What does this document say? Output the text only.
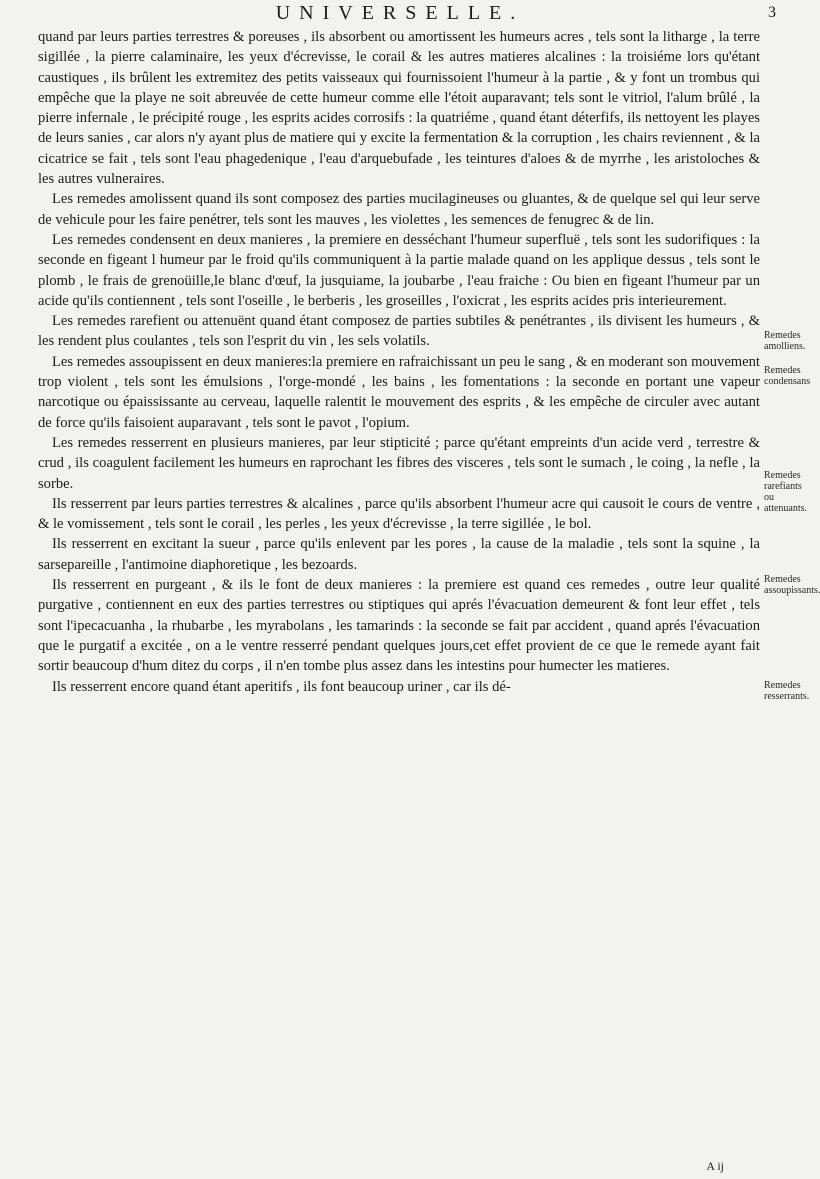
UNIVERSELLE.	3

quand par leurs parties terrestres & poreuses , ils absorbent ou amortissent les humeurs acres , tels sont la litharge , la terre sigillée , la pierre calaminaire, les yeux d'écrevisse, le corail & les autres matieres alcalines : la troisiéme lors qu'étant caustiques , ils brûlent les extremitez des petits vaisseaux qui fournissoient l'humeur à la partie , & y font un trombus qui empêche que la playe ne soit abreuvée de cette humeur comme elle l'étoit auparavant; tels sont le vitriol, l'alum brûlé , la pierre infernale , le précipité rouge , les esprits acides corrosifs : la quatriéme , quand étant déterfifs, ils nettoyent les playes de leurs sanies , car alors n'y ayant plus de matiere qui y excite la fermentation & la corruption , les chairs reviennent , & la cicatrice se fait , tels sont l'eau phagedenique , l'eau d'arquebufade , les teintures d'aloes & de myrrhe , les aristoloches & les autres vulneraires.

Les remedes amolissent quand ils sont composez des parties mucilagineuses ou gluantes, & de quelque sel qui leur serve de vehicule pour les faire penétrer, tels sont les mauves , les violettes , les semences de fenugrec & de lin.

Les remedes condensent en deux manieres , la premiere en desséchant l'humeur superfluë , tels sont les sudorifiques : la seconde en figeant l humeur par le froid qu'ils communiquent à la partie malade quand on les applique dessus , tels sont le plomb , le frais de grenoüille,le blanc d'œuf, la jusquiame, la joubarbe , l'eau fraiche : Ou bien en figeant l'humeur par un acide qu'ils contiennent , tels sont l'oseille , le berberis , les groseilles , l'oxicrat , les esprits acides pris interieurement.

Les remedes rarefient ou attenuënt quand étant composez de parties subtiles & penétrantes , ils divisent les humeurs , & les rendent plus coulantes , tels son l'esprit du vin , les sels volatils.

Les remedes assoupissent en deux manieres:la premiere en rafraichissant un peu le sang , & en moderant son mouvement trop violent , tels sont les émulsions , l'orge-mondé , les bains , les fomentations : la seconde en portant une vapeur narcotique ou épaississante au cerveau, laquelle ralentit le mouvement des esprits , & les empêche de circuler avec autant de force qu'ils faisoient auparavant , tels sont le pavot , l'opium.

Les remedes resserrent en plusieurs manieres, par leur stipticité ; parce qu'étant empreints d'un acide verd , terrestre & crud , ils coagulent facilement les humeurs en raprochant les fibres des visceres , tels sont le sumach , le coing , la nefle , la sorbe.

Ils resserrent par leurs parties terrestres & alcalines , parce qu'ils absorbent l'humeur acre qui causoit le cours de ventre , & le vomissement , tels sont le corail , les perles , les yeux d'écrevisse , la terre sigillée , le bol.

Ils resserrent en excitant la sueur , parce qu'ils enlevent par les pores , la cause de la maladie , tels sont la squine , la sarsepareille , l'antimoine diaphoretique , les bezoards.

Ils resserrent en purgeant , & ils le font de deux manieres : la premiere est quand ces remedes , outre leur qualité purgative , contiennent en eux des parties terrestres ou stiptiques qui aprés l'évacuation demeurent & font leur effet , tels sont l'ipecacuanha , la rhubarbe , les myrabolans , les tamarinds : la seconde se fait par accident , quand aprés l'évacuation que le purgatif a excitée , on a le ventre resserré pendant quelques jours,cet effet provient de ce que le remede ayant fait sortir beaucoup d'hum ditez du corps , il n'en tombe plus assez dans les intestins pour humecter les matieres.

Ils resserrent encore quand étant aperitifs , ils font beaucoup uriner , car ils dé-

Remedes amolliens.
Remedes condensans
Remedes rarefiants ou attenuants.
Remedes assoupissants.
Remedes resserrants.
A ij
